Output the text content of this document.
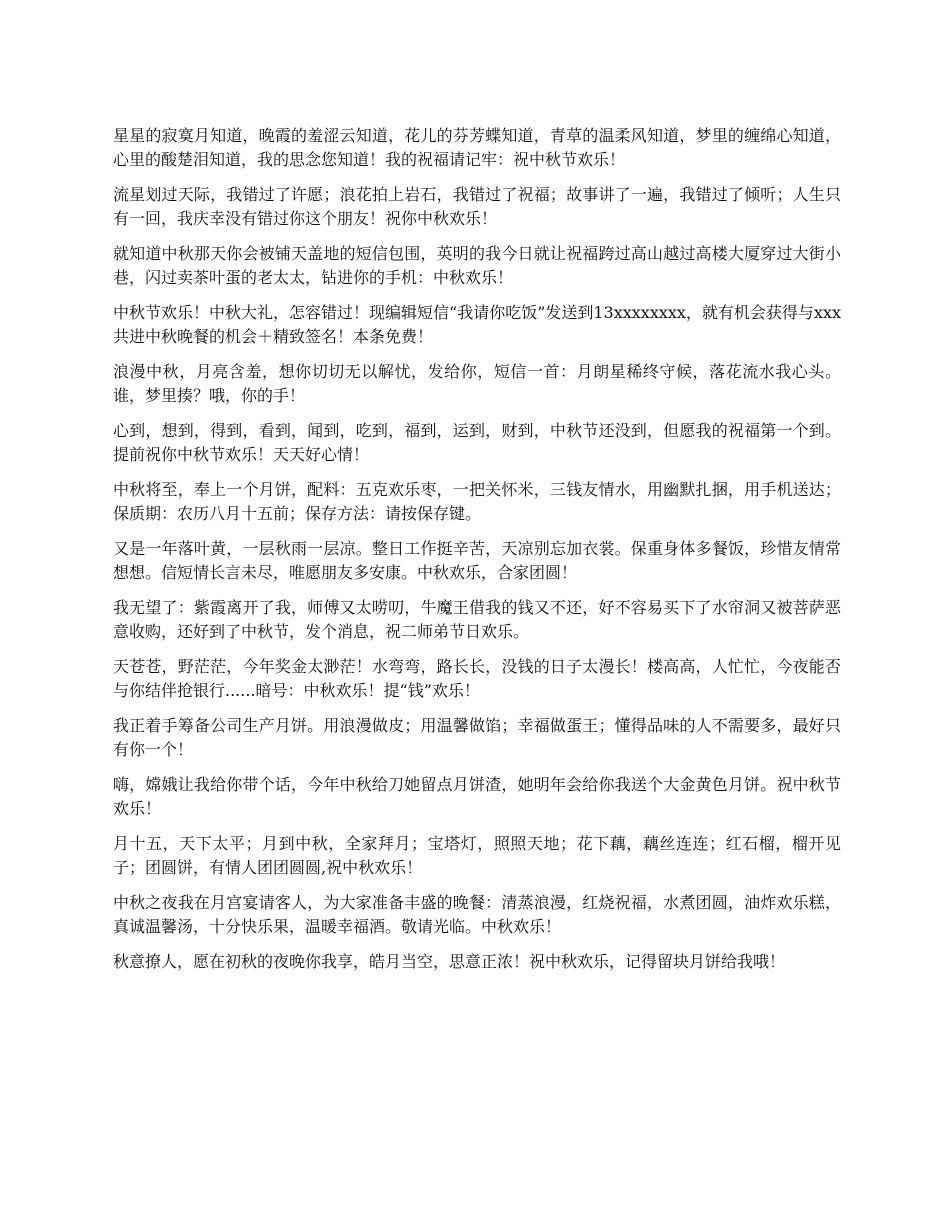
星星的寂寞月知道，晚霞的羞涩云知道，花儿的芬芳蝶知道，青草的温柔风知道，梦里的缠绵心知道，心里的酸楚泪知道，我的思念您知道！我的祝福请记牢：祝中秋节欢乐！

流星划过天际，我错过了许愿；浪花拍上岩石，我错过了祝福；故事讲了一遍，我错过了倾听；人生只有一回，我庆幸没有错过你这个朋友！祝你中秋欢乐！

就知道中秋那天你会被铺天盖地的短信包围，英明的我今日就让祝福跨过高山越过高楼大厦穿过大街小巷，闪过卖茶叶蛋的老太太，钻进你的手机：中秋欢乐！

中秋节欢乐！中秋大礼，怎容错过！现编辑短信“我请你吃饭”发送到13xxxxxxxx，就有机会获得与xxx共进中秋晚餐的机会＋精致签名！本条免费！

浪漫中秋，月亮含羞，想你切切无以解忧，发给你，短信一首：月朗星稀终守候，落花流水我心头。谁，梦里揍？哦，你的手！

心到，想到，得到，看到，闻到，吃到，福到，运到，财到，中秋节还没到，但愿我的祝福第一个到。提前祝你中秋节欢乐！天天好心情！

中秋将至，奉上一个月饼，配料：五克欢乐枣，一把关怀米，三钱友情水，用幽默扎捆，用手机送达；保质期：农历八月十五前；保存方法：请按保存键。

又是一年落叶黄，一层秋雨一层凉。整日工作挺辛苦，天凉别忘加衣裳。保重身体多餐饭，珍惜友情常想想。信短情长言未尽，唯愿朋友多安康。中秋欢乐，合家团圆！

我无望了：紫霞离开了我，师傅又太唠叨，牛魔王借我的钱又不还，好不容易买下了水帘洞又被菩萨恶意收购，还好到了中秋节，发个消息，祝二师弟节日欢乐。

天苍苍，野茫茫，今年奖金太渺茫！水弯弯，路长长，没钱的日子太漫长！楼高高，人忙忙，今夜能否与你结伴抢银行......暗号：中秋欢乐！提“钱”欢乐！

我正着手筹备公司生产月饼。用浪漫做皮；用温馨做馅；幸福做蛋王；懂得品味的人不需要多，最好只有你一个！

嗨，嫦娥让我给你带个话，今年中秋给刀她留点月饼渣，她明年会给你我送个大金黄色月饼。祝中秋节欢乐！

月十五，天下太平；月到中秋，全家拜月；宝塔灯，照照天地；花下藕，藕丝连连；红石榴，榴开见子；团圆饼，有情人团团圆圆,祝中秋欢乐！

中秋之夜我在月宫宴请客人，为大家准备丰盛的晚餐：清蒸浪漫，红烧祝福，水煮团圆，油炸欢乐糕，真诚温馨汤，十分快乐果，温暖幸福酒。敬请光临。中秋欢乐！

秋意撩人，愿在初秋的夜晚你我享，皓月当空，思意正浓！祝中秋欢乐，记得留块月饼给我哦！
